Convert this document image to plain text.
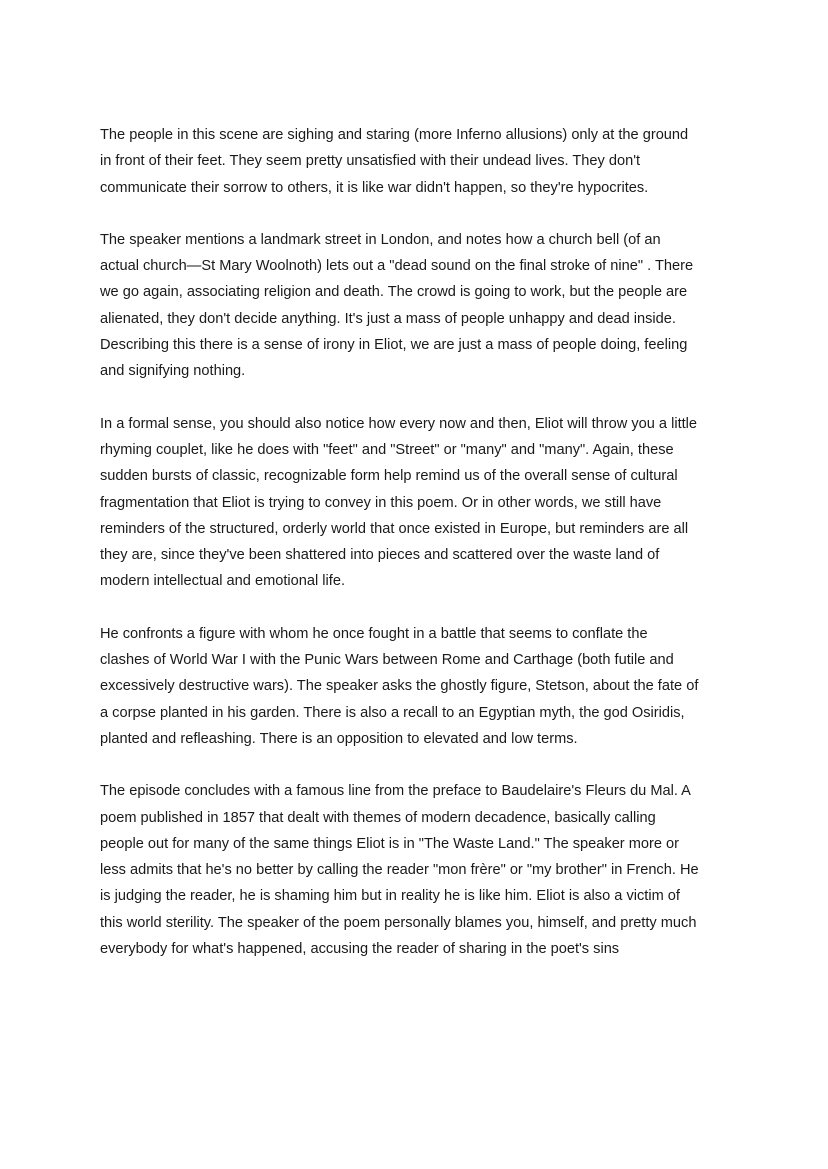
The people in this scene are sighing and staring (more Inferno allusions) only at the ground
in front of their feet. They seem pretty unsatisfied with their undead lives. They don't
communicate their sorrow to others, it is like war didn't happen, so they're hypocrites.

The speaker mentions a landmark street in London, and notes how a church bell (of an
actual church—St Mary Woolnoth) lets out a "dead sound on the final stroke of nine" . There
we go again, associating religion and death. The crowd is going to work, but the people are
alienated, they don't decide anything. It's just a mass of people unhappy and dead inside.
Describing this there is a sense of irony in Eliot, we are just a mass of people doing, feeling
and signifying nothing.

In a formal sense, you should also notice how every now and then, Eliot will throw you a little
rhyming couplet, like he does with "feet" and "Street" or "many" and "many". Again, these
sudden bursts of classic, recognizable form help remind us of the overall sense of cultural
fragmentation that Eliot is trying to convey in this poem. Or in other words, we still have
reminders of the structured, orderly world that once existed in Europe, but reminders are all
they are, since they've been shattered into pieces and scattered over the waste land of
modern intellectual and emotional life.

He confronts a figure with whom he once fought in a battle that seems to conflate the
clashes of World War I with the Punic Wars between Rome and Carthage (both futile and
excessively destructive wars). The speaker asks the ghostly figure, Stetson, about the fate of
a corpse planted in his garden. There is also a recall to an Egyptian myth, the god Osiridis,
planted and refleashing. There is an opposition to elevated and low terms.

The episode concludes with a famous line from the preface to Baudelaire's Fleurs du Mal. A
poem published in 1857 that dealt with themes of modern decadence, basically calling
people out for many of the same things Eliot is in "The Waste Land." The speaker more or
less admits that he's no better by calling the reader "mon frère" or "my brother" in French. He
is judging the reader, he is shaming him but in reality he is like him. Eliot is also a victim of
this world sterility. The speaker of the poem personally blames you, himself, and pretty much
everybody for what's happened, accusing the reader of sharing in the poet's sins
